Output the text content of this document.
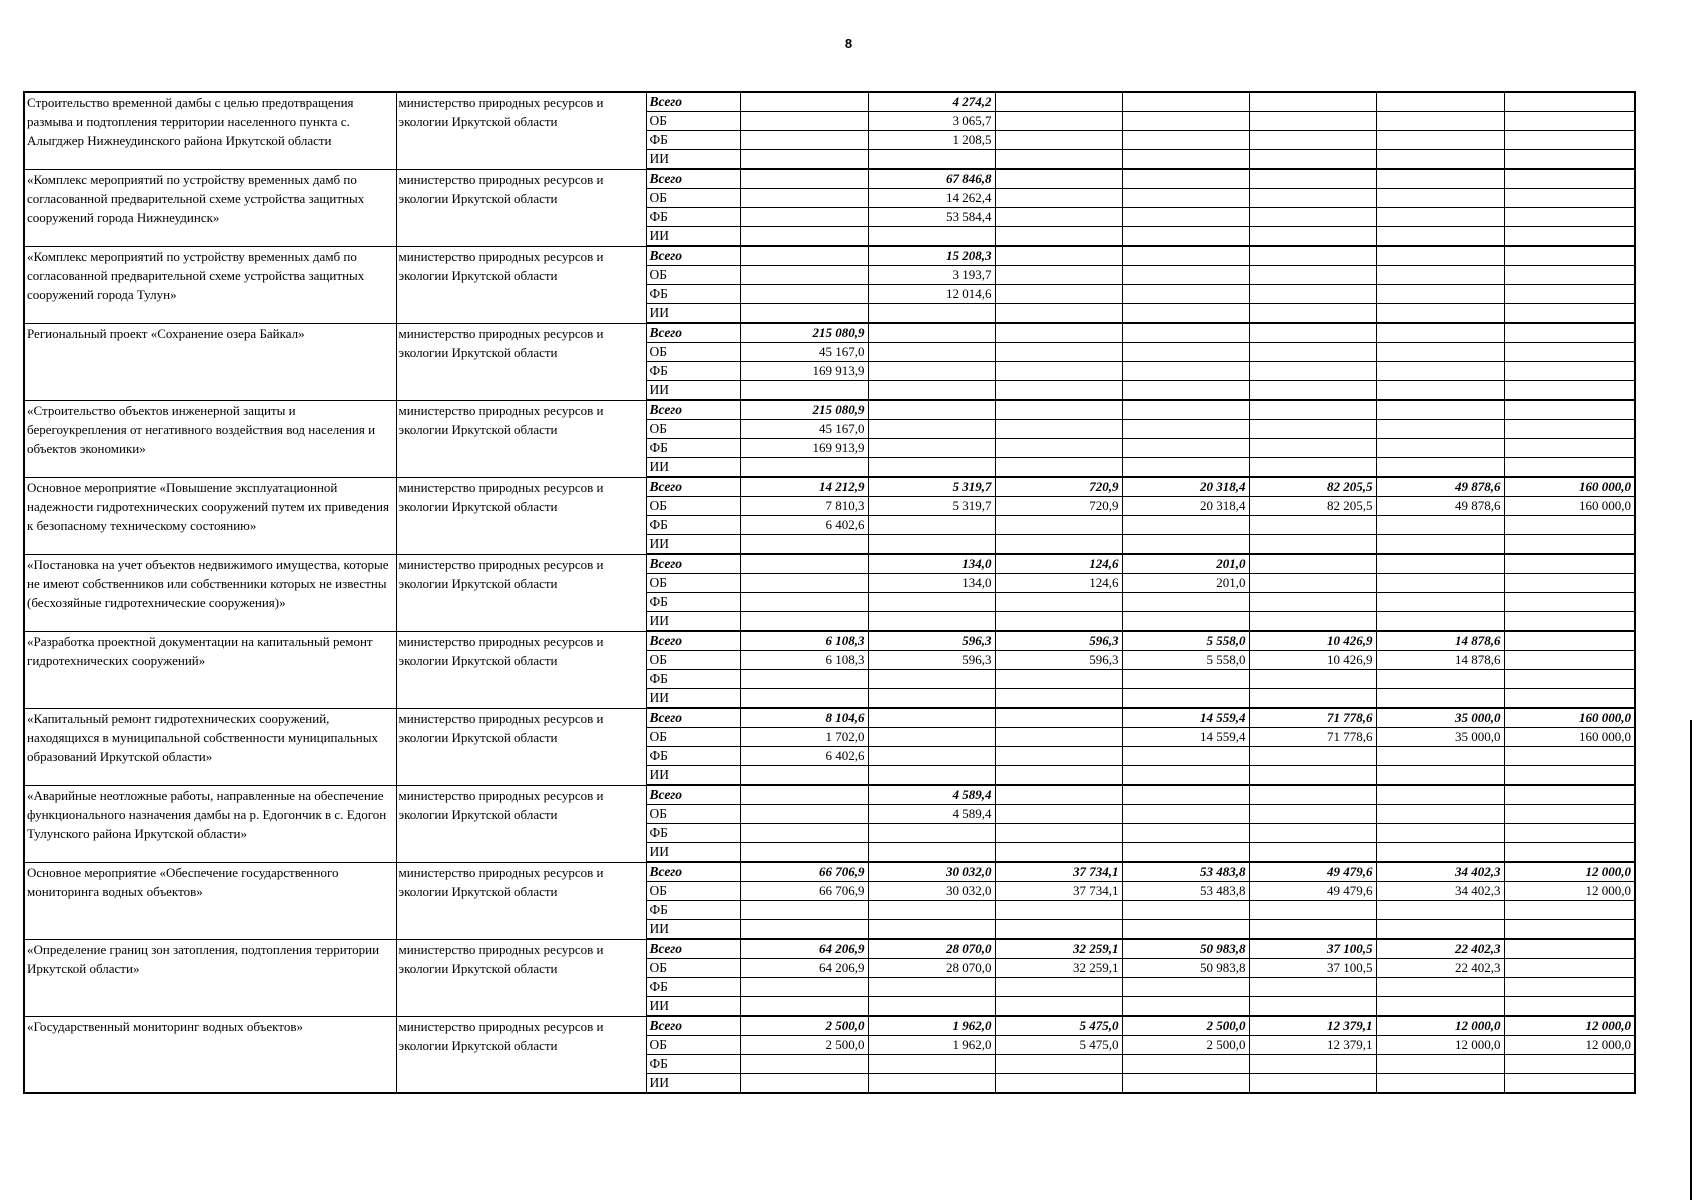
8
Строительство временной дамбы с целью предотвращения размыва и подтопления территории населенного пункта с. Алыгджер Нижнеудинского района Иркутской области	министерство природных ресурсов и экологии Иркутской области	Всего		4 274,2					
		ОБ		3 065,7					
		ФБ		1 208,5					
		ИИ							
«Комплекс мероприятий по устройству временных дамб по согласованной предварительной схеме устройства защитных сооружений города Нижнеудинск»	министерство природных ресурсов и экологии Иркутской области	Всего		67 846,8					
		ОБ		14 262,4					
		ФБ		53 584,4					
		ИИ							
«Комплекс мероприятий по устройству временных дамб по согласованной предварительной схеме устройства защитных сооружений города Тулун»	министерство природных ресурсов и экологии Иркутской области	Всего		15 208,3					
		ОБ		3 193,7					
		ФБ		12 014,6					
		ИИ							
Региональный проект «Сохранение озера Байкал»	министерство природных ресурсов и экологии Иркутской области	Всего	215 080,9						
		ОБ	45 167,0						
		ФБ	169 913,9						
		ИИ							
«Строительство объектов инженерной защиты и берегоукрепления от негативного воздействия вод населения и объектов экономики»	министерство природных ресурсов и экологии Иркутской области	Всего	215 080,9						
		ОБ	45 167,0						
		ФБ	169 913,9						
		ИИ							
Основное мероприятие «Повышение эксплуатационной надежности гидротехнических сооружений путем их приведения к безопасному техническому состоянию»	министерство природных ресурсов и экологии Иркутской области	Всего	14 212,9	5 319,7	720,9	20 318,4	82 205,5	49 878,6	160 000,0
		ОБ	7 810,3	5 319,7	720,9	20 318,4	82 205,5	49 878,6	160 000,0
		ФБ	6 402,6						
		ИИ							
«Постановка на учет объектов недвижимого имущества, которые не имеют собственников или собственники которых не известны (бесхозяйные гидротехнические сооружения)»	министерство природных ресурсов и экологии Иркутской области	Всего		134,0	124,6	201,0			
		ОБ		134,0	124,6	201,0			
		ФБ							
		ИИ							
«Разработка проектной документации на капитальный ремонт гидротехнических сооружений»	министерство природных ресурсов и экологии Иркутской области	Всего	6 108,3	596,3	596,3	5 558,0	10 426,9	14 878,6	
		ОБ	6 108,3	596,3	596,3	5 558,0	10 426,9	14 878,6	
		ФБ							
		ИИ							
«Капитальный ремонт гидротехнических сооружений, находящихся в муниципальной собственности муниципальных образований Иркутской области»	министерство природных ресурсов и экологии Иркутской области	Всего	8 104,6			14 559,4	71 778,6	35 000,0	160 000,0
		ОБ	1 702,0			14 559,4	71 778,6	35 000,0	160 000,0
		ФБ	6 402,6						
		ИИ							
«Аварийные неотложные работы, направленные на обеспечение функционального назначения дамбы на р. Едогончик в с. Едогон Тулунского района Иркутской области»	министерство природных ресурсов и экологии Иркутской области	Всего		4 589,4					
		ОБ		4 589,4					
		ФБ							
		ИИ							
Основное мероприятие «Обеспечение государственного мониторинга водных объектов»	министерство природных ресурсов и экологии Иркутской области	Всего	66 706,9	30 032,0	37 734,1	53 483,8	49 479,6	34 402,3	12 000,0
		ОБ	66 706,9	30 032,0	37 734,1	53 483,8	49 479,6	34 402,3	12 000,0
		ФБ							
		ИИ							
«Определение границ зон затопления, подтопления территории Иркутской области»	министерство природных ресурсов и экологии Иркутской области	Всего	64 206,9	28 070,0	32 259,1	50 983,8	37 100,5	22 402,3	
		ОБ	64 206,9	28 070,0	32 259,1	50 983,8	37 100,5	22 402,3	
		ФБ							
		ИИ							
«Государственный мониторинг водных объектов»	министерство природных ресурсов и экологии Иркутской области	Всего	2 500,0	1 962,0	5 475,0	2 500,0	12 379,1	12 000,0	12 000,0
		ОБ	2 500,0	1 962,0	5 475,0	2 500,0	12 379,1	12 000,0	12 000,0
		ФБ							
		ИИ							
